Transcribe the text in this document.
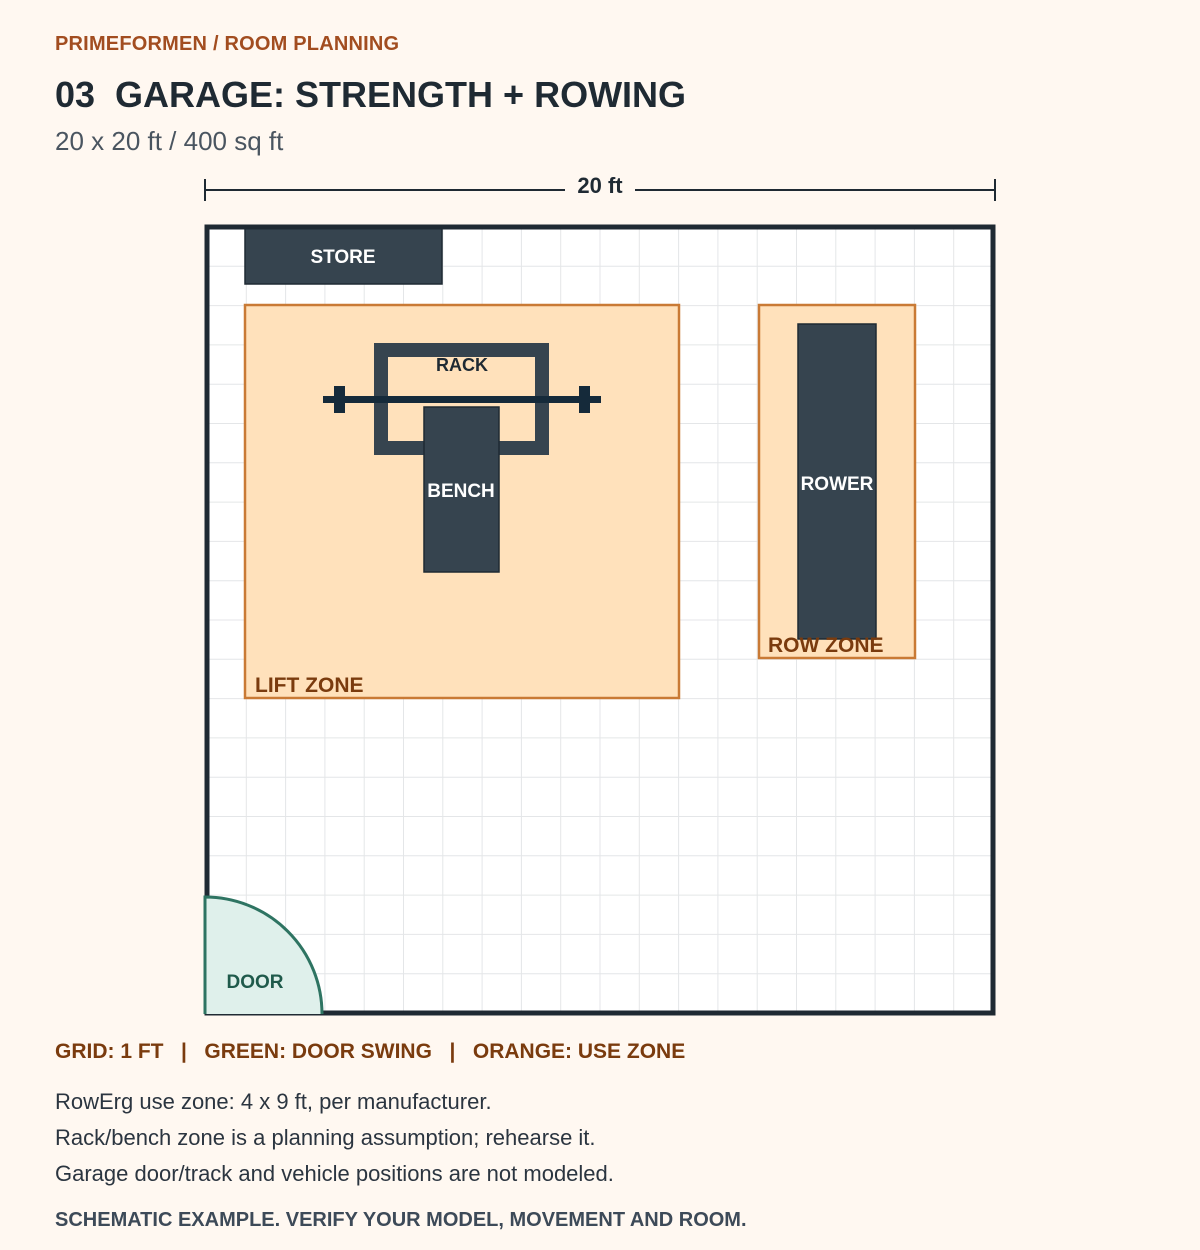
PRIMEFORMEN / ROOM PLANNING
03 GARAGE: STRENGTH + ROWING
20 x 20 ft / 400 sq ft
20 ft
STORE
LIFT ZONE
RACK
BENCH	ROWER
ROW ZONE
DOOR
GRID: 1 FT | GREEN: DOOR SWING | ORANGE: USE ZONE
RowErg use zone: 4 x 9 ft, per manufacturer.
Rack/bench zone is a planning assumption; rehearse it.
Garage door/track and vehicle positions are not modeled.
SCHEMATIC EXAMPLE. VERIFY YOUR MODEL, MOVEMENT AND ROOM.
